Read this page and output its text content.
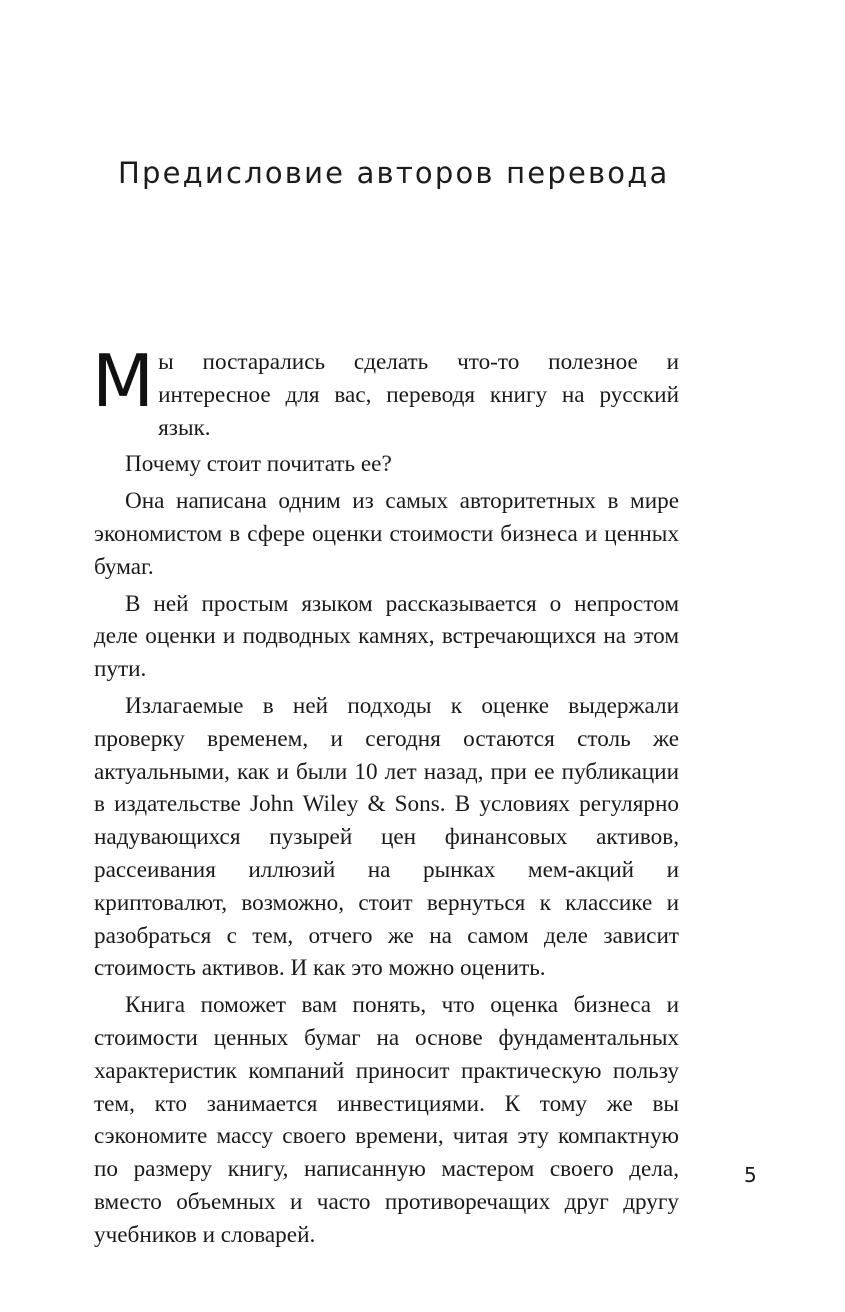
Предисловие авторов перевода

Мы постарались сделать что-то полезное и интересное для вас, переводя книгу на русский язык.

Почему стоит почитать ее?

Она написана одним из самых авторитетных в мире экономистом в сфере оценки стоимости бизнеса и ценных бумаг.

В ней простым языком рассказывается о непростом деле оценки и подводных камнях, встречающихся на этом пути.

Излагаемые в ней подходы к оценке выдержали проверку временем, и сегодня остаются столь же актуальными, как и были 10 лет назад, при ее публикации в издательстве John Wiley & Sons. В условиях регулярно надувающихся пузырей цен финансовых активов, рассеивания иллюзий на рынках мем-акций и криптовалют, возможно, стоит вернуться к классике и разобраться с тем, отчего же на самом деле зависит стоимость активов. И как это можно оценить.

Книга поможет вам понять, что оценка бизнеса и стоимости ценных бумаг на основе фундаментальных характеристик компаний приносит практическую пользу тем, кто занимается инвестициями. К тому же вы сэкономите массу своего времени, читая эту компактную по размеру книгу, написанную мастером своего дела, вместо объемных и часто противоречащих друг другу учебников и словарей.

5
